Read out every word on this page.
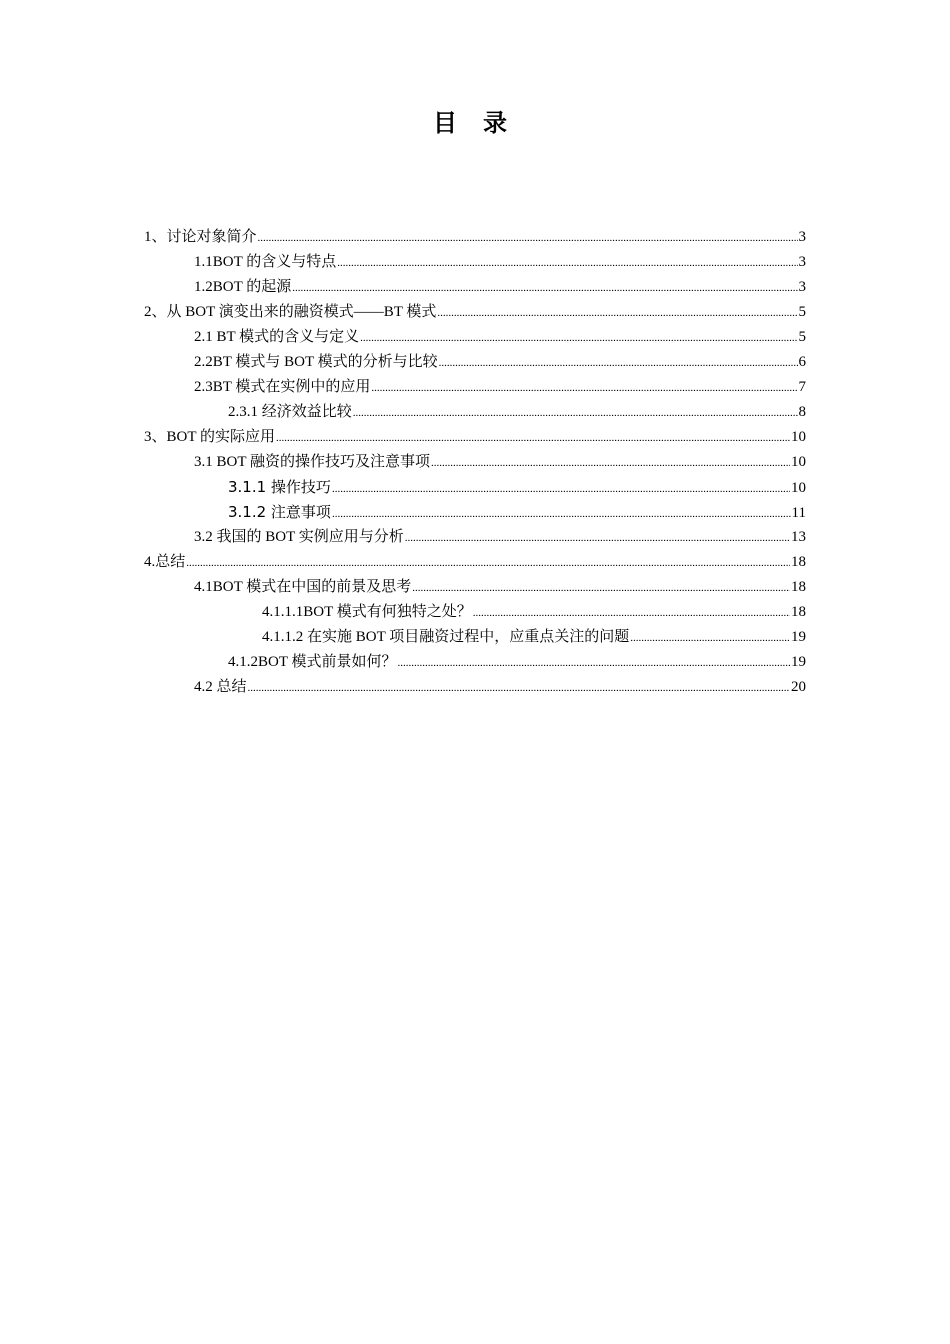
目 录
1、讨论对象简介 .....	3
1.1BOT 的含义与特点 .....	3
1.2BOT 的起源 .....	3
2、从 BOT 演变出来的融资模式——BT 模式 .....	5
2.1 BT 模式的含义与定义 .....	5
2.2BT 模式与 BOT 模式的分析与比较 .....	6
2.3BT 模式在实例中的应用 .....	7
2.3.1 经济效益比较 .....	8
3、BOT 的实际应用 .....	10
3.1 BOT 融资的操作技巧及注意事项 .....	10
3.1.1 操作技巧 .....	10
3.1.2 注意事项 .....	11
3.2 我国的 BOT 实例应用与分析 .....	13
4.总结 .....	18
4.1BOT 模式在中国的前景及思考 .....	18
4.1.1.1BOT 模式有何独特之处？ .....	18
4.1.1.2 在实施 BOT 项目融资过程中，应重点关注的问题 .....	19
4.1.2BOT 模式前景如何？ .....	19
4.2 总结 .....	20
